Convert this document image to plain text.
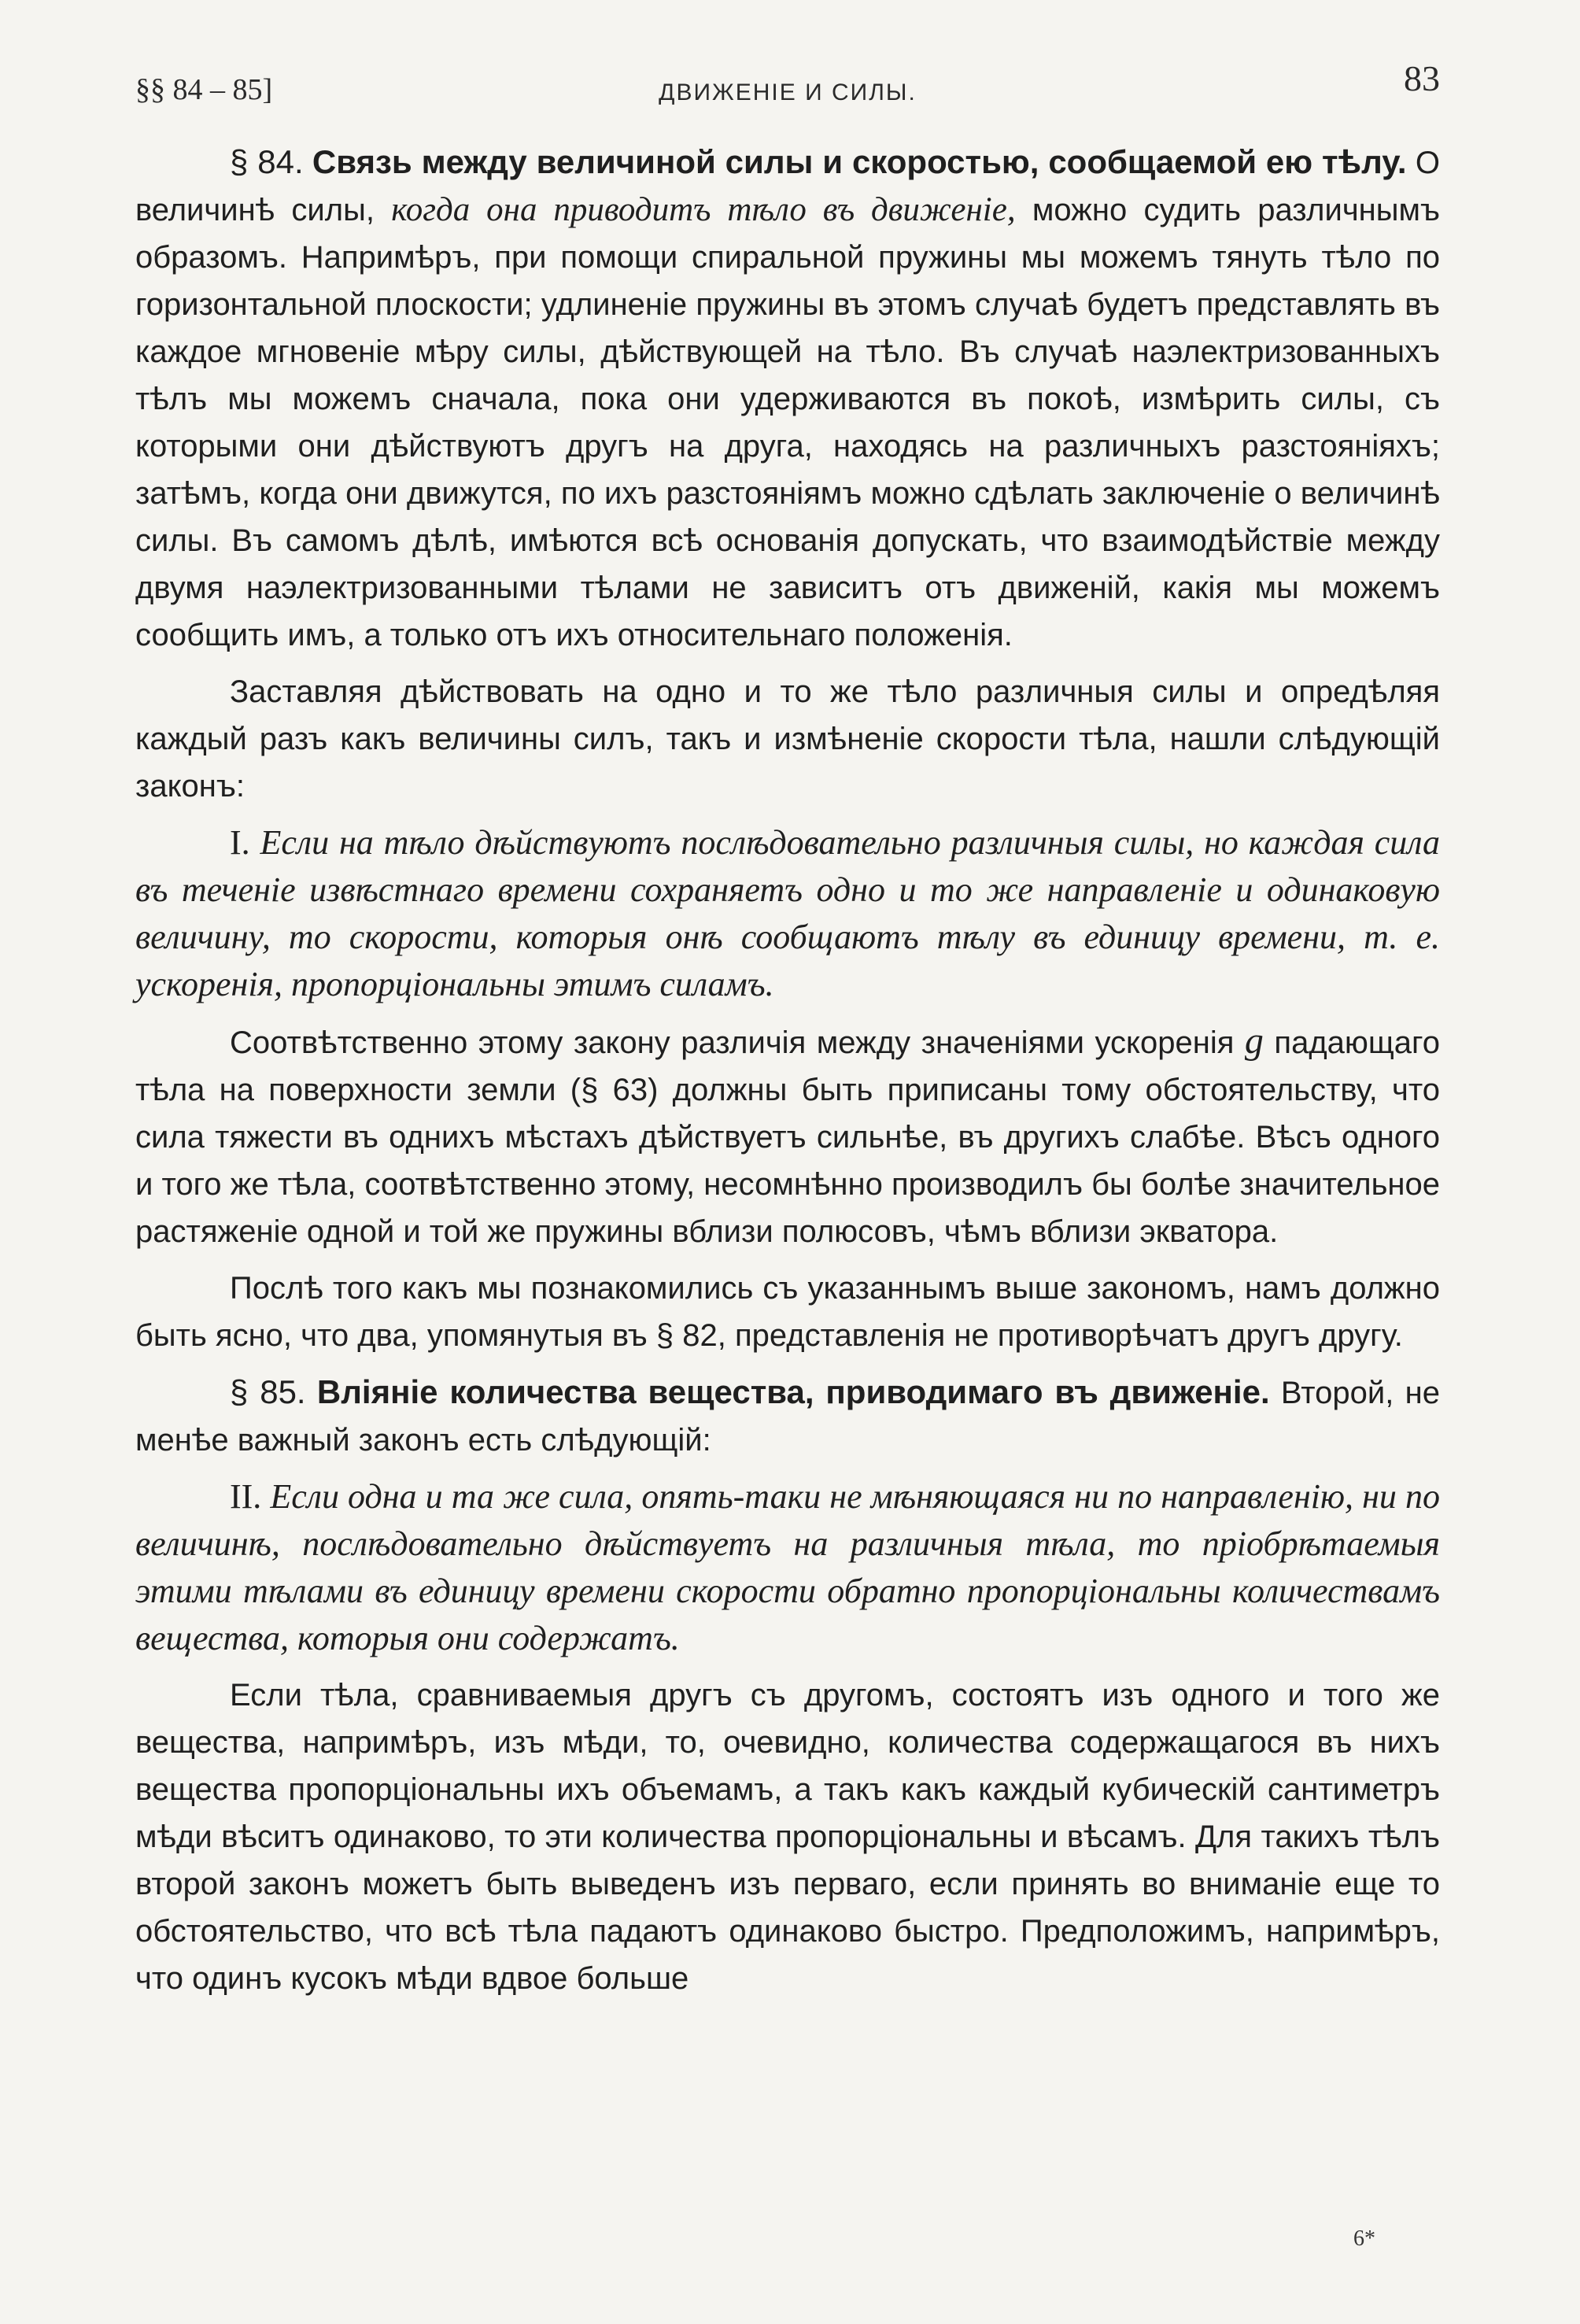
§§ 84 – 85]	ДВИЖЕНIЕ И СИЛЫ.	83

§ 84. Связь между величиной силы и скоростью, сообщаемой ею тѣлу. О величинѣ силы, когда она приводитъ тѣло въ движенiе, можно судить различнымъ образомъ. Напримѣръ, при помощи спиральной пружины мы можемъ тянуть тѣло по горизонтальной плоскости; удлиненiе пружины въ этомъ случаѣ будетъ представлять въ каждое мгновенiе мѣру силы, дѣйствующей на тѣло. Въ случаѣ наэлектризованныхъ тѣлъ мы можемъ сначала, пока они удерживаются въ покоѣ, измѣрить силы, съ которыми они дѣйствуютъ другъ на друга, находясь на различныхъ разстоянiяхъ; затѣмъ, когда они движутся, по ихъ разстоянiямъ можно сдѣлать заключенiе о величинѣ силы. Въ самомъ дѣлѣ, имѣются всѣ основанiя допускать, что взаимодѣйствiе между двумя наэлектризованными тѣлами не зависитъ отъ движенiй, какiя мы можемъ сообщить имъ, а только отъ ихъ относительнаго положенiя.

Заставляя дѣйствовать на одно и то же тѣло различныя силы и опредѣляя каждый разъ какъ величины силъ, такъ и измѣненiе скорости тѣла, нашли слѣдующiй законъ:

I. Если на тѣло дѣйствуютъ послѣдовательно различныя силы, но каждая сила въ теченiе извѣстнаго времени сохраняетъ одно и то же направленiе и одинаковую величину, то скорости, которыя онѣ сообщаютъ тѣлу въ единицу времени, т. е. ускоренiя, пропорцiональны этимъ силамъ.

Соотвѣтственно этому закону различiя между значенiями ускоренiя g падающаго тѣла на поверхности земли (§ 63) должны быть приписаны тому обстоятельству, что сила тяжести въ однихъ мѣстахъ дѣйствуетъ сильнѣе, въ другихъ слабѣе. Вѣсъ одного и того же тѣла, соотвѣтственно этому, несомнѣнно производилъ бы болѣе значительное растяженiе одной и той же пружины вблизи полюсовъ, чѣмъ вблизи экватора.

Послѣ того какъ мы познакомились съ указаннымъ выше закономъ, намъ должно быть ясно, что два, упомянутыя въ § 82, представленiя не противорѣчатъ другъ другу.

§ 85. Влiянiе количества вещества, приводимаго въ движенiе. Второй, не менѣе важный законъ есть слѣдующiй:

II. Если одна и та же сила, опять-таки не мѣняющаяся ни по направленiю, ни по величинѣ, послѣдовательно дѣйствуетъ на различныя тѣла, то прiобрѣтаемыя этими тѣлами въ единицу времени скорости обратно пропорцiональны количествамъ вещества, которыя они содержатъ.

Если тѣла, сравниваемыя другъ съ другомъ, состоятъ изъ одного и того же вещества, напримѣръ, изъ мѣди, то, очевидно, количества содержащагося въ нихъ вещества пропорцiональны ихъ объемамъ, а такъ какъ каждый кубическiй сантиметръ мѣди вѣситъ одинаково, то эти количества пропорцiональны и вѣсамъ. Для такихъ тѣлъ второй законъ можетъ быть выведенъ изъ перваго, если принять во вниманiе еще то обстоятельство, что всѣ тѣла падаютъ одинаково быстро. Предположимъ, напримѣръ, что одинъ кусокъ мѣди вдвое больше

6*
